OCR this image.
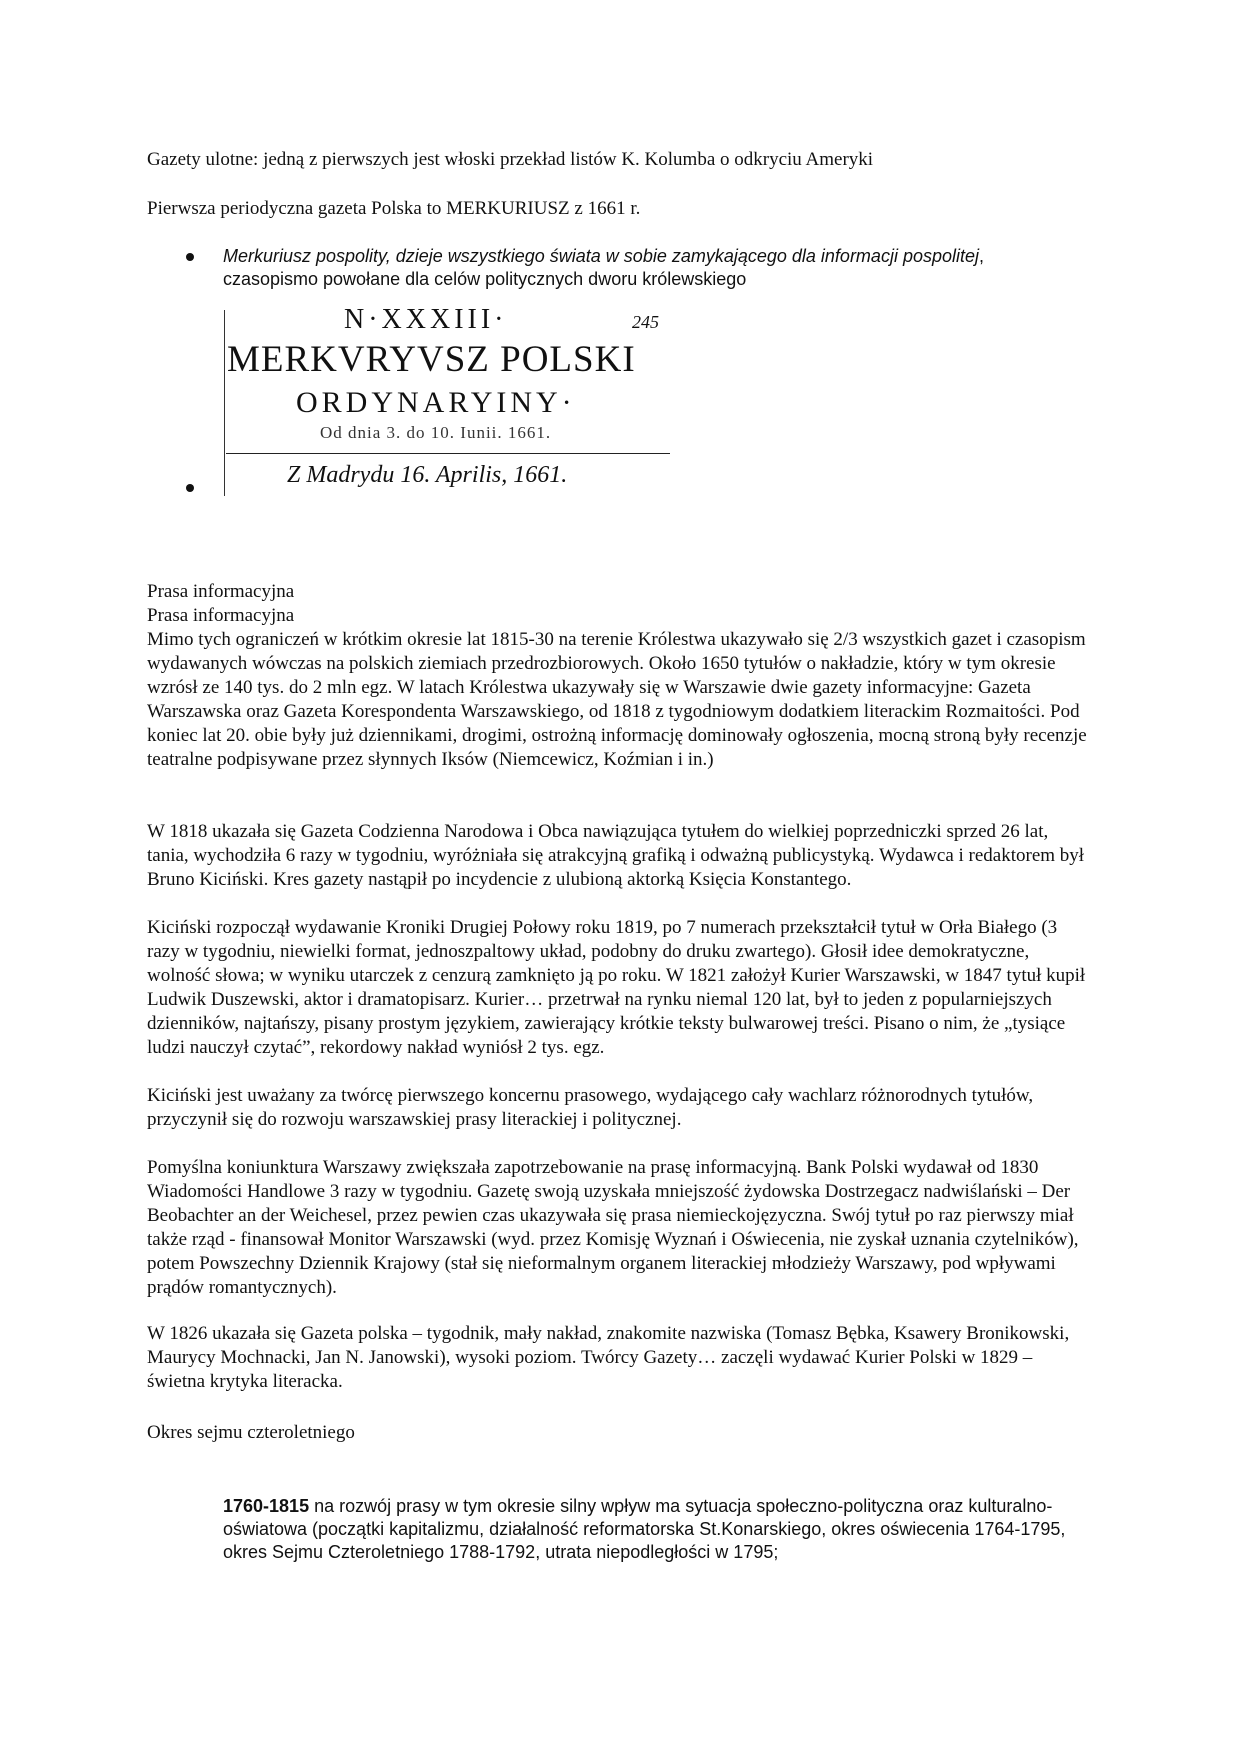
Gazety ulotne: jedną z pierwszych jest włoski przekład listów K. Kolumba o odkryciu Ameryki

Pierwsza periodyczna gazeta Polska to MERKURIUSZ z 1661 r.

Merkuriusz pospolity, dzieje wszystkiego świata w sobie zamykającego dla informacji pospolitej, czasopismo powołane dla celów politycznych dworu królewskiego

N·XXXIII·	245
MERKVRYVSZ POLSKI
ORDYNARYINY·
Od dnia 3. do 10. Iunii. 1661.
Z Madrydu 16. Aprilis, 1661.

Prasa informacyjna

Prasa informacyjna

Mimo tych ograniczeń w krótkim okresie lat 1815-30 na terenie Królestwa ukazywało się 2/3 wszystkich gazet i czasopism wydawanych wówczas na polskich ziemiach przedrozbiorowych. Około 1650 tytułów o nakładzie, który w tym okresie wzrósł ze 140 tys. do 2 mln egz. W latach Królestwa ukazywały się w Warszawie dwie gazety informacyjne: Gazeta Warszawska oraz Gazeta Korespondenta Warszawskiego, od 1818 z tygodniowym dodatkiem literackim Rozmaitości. Pod koniec lat 20. obie były już dziennikami, drogimi, ostrożną informację dominowały ogłoszenia, mocną stroną były recenzje teatralne podpisywane przez słynnych Iksów (Niemcewicz, Koźmian i in.)

W 1818 ukazała się Gazeta Codzienna Narodowa i Obca nawiązująca tytułem do wielkiej poprzedniczki sprzed 26 lat, tania, wychodziła 6 razy w tygodniu, wyróżniała się atrakcyjną grafiką i odważną publicystyką. Wydawca i redaktorem był Bruno Kiciński. Kres gazety nastąpił po incydencie z ulubioną aktorką Księcia Konstantego.

Kiciński rozpoczął wydawanie Kroniki Drugiej Połowy roku 1819, po 7 numerach przekształcił tytuł w Orła Białego (3 razy w tygodniu, niewielki format, jednoszpaltowy układ, podobny do druku zwartego). Głosił idee demokratyczne, wolność słowa; w wyniku utarczek z cenzurą zamknięto ją po roku. W 1821 założył Kurier Warszawski, w 1847 tytuł kupił Ludwik Duszewski, aktor i dramatopisarz. Kurier… przetrwał na rynku niemal 120 lat, był to jeden z popularniejszych dzienników, najtańszy, pisany prostym językiem, zawierający krótkie teksty bulwarowej treści. Pisano o nim, że „tysiące ludzi nauczył czytać”, rekordowy nakład wyniósł 2 tys. egz.

Kiciński jest uważany za twórcę pierwszego koncernu prasowego, wydającego cały wachlarz różnorodnych tytułów, przyczynił się do rozwoju warszawskiej prasy literackiej i politycznej.

Pomyślna koniunktura Warszawy zwiększała zapotrzebowanie na prasę informacyjną. Bank Polski wydawał od 1830 Wiadomości Handlowe 3 razy w tygodniu. Gazetę swoją uzyskała mniejszość żydowska Dostrzegacz nadwiślański – Der Beobachter an der Weichesel, przez pewien czas ukazywała się prasa niemieckojęzyczna. Swój tytuł po raz pierwszy miał także rząd - finansował Monitor Warszawski (wyd. przez Komisję Wyznań i Oświecenia, nie zyskał uznania czytelników), potem Powszechny Dziennik Krajowy (stał się nieformalnym organem literackiej młodzieży Warszawy, pod wpływami prądów romantycznych).

W 1826 ukazała się Gazeta polska – tygodnik, mały nakład, znakomite nazwiska (Tomasz Bębka, Ksawery Bronikowski, Maurycy Mochnacki, Jan N. Janowski), wysoki poziom. Twórcy Gazety… zaczęli wydawać Kurier Polski w 1829 – świetna krytyka literacka.

Okres sejmu czteroletniego

1760-1815 na rozwój prasy w tym okresie silny wpływ ma sytuacja społeczno-polityczna oraz kulturalno- oświatowa (początki kapitalizmu, działalność reformatorska St.Konarskiego, okres oświecenia 1764-1795, okres Sejmu Czteroletniego 1788-1792, utrata niepodległości w 1795;
